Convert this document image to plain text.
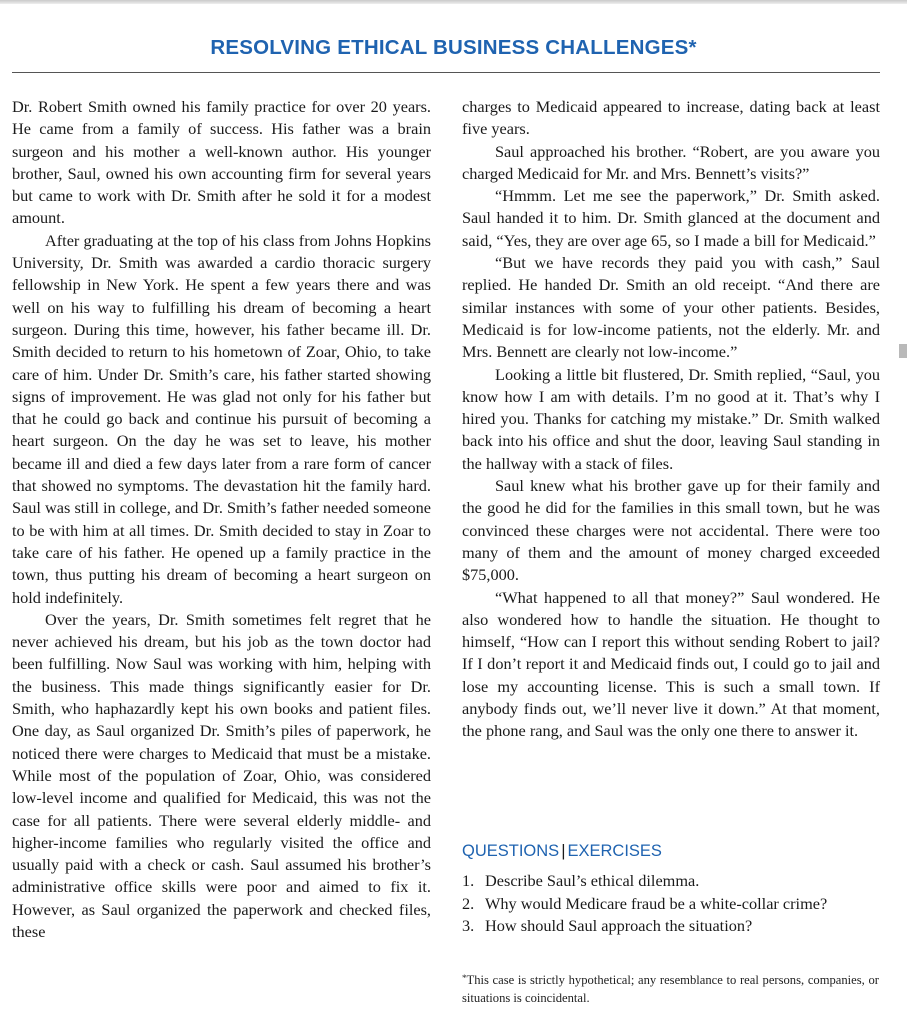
RESOLVING ETHICAL BUSINESS CHALLENGES*

Dr. Robert Smith owned his family practice for over 20 years. He came from a family of success. His father was a brain surgeon and his mother a well-known author. His younger brother, Saul, owned his own accounting firm for several years but came to work with Dr. Smith after he sold it for a modest amount.

After graduating at the top of his class from Johns Hopkins University, Dr. Smith was awarded a cardio thoracic surgery fellowship in New York. He spent a few years there and was well on his way to fulfilling his dream of becoming a heart surgeon. During this time, however, his father became ill. Dr. Smith decided to return to his hometown of Zoar, Ohio, to take care of him. Under Dr. Smith’s care, his father started showing signs of improvement. He was glad not only for his father but that he could go back and continue his pursuit of becoming a heart surgeon. On the day he was set to leave, his mother became ill and died a few days later from a rare form of cancer that showed no symptoms. The devastation hit the family hard. Saul was still in college, and Dr. Smith’s father needed someone to be with him at all times. Dr. Smith decided to stay in Zoar to take care of his father. He opened up a family practice in the town, thus putting his dream of becoming a heart surgeon on hold indefinitely.

Over the years, Dr. Smith sometimes felt regret that he never achieved his dream, but his job as the town doctor had been fulfilling. Now Saul was working with him, helping with the business. This made things significantly easier for Dr. Smith, who haphazardly kept his own books and patient files. One day, as Saul organized Dr. Smith’s piles of paperwork, he noticed there were charges to Medicaid that must be a mistake. While most of the population of Zoar, Ohio, was considered low-level income and qualified for Medicaid, this was not the case for all patients. There were several elderly middle- and higher-income families who regularly visited the office and usually paid with a check or cash. Saul assumed his brother’s administrative office skills were poor and aimed to fix it. However, as Saul organized the paperwork and checked files, these

charges to Medicaid appeared to increase, dating back at least five years.

Saul approached his brother. “Robert, are you aware you charged Medicaid for Mr. and Mrs. Bennett’s visits?”

“Hmmm. Let me see the paperwork,” Dr. Smith asked. Saul handed it to him. Dr. Smith glanced at the document and said, “Yes, they are over age 65, so I made a bill for Medicaid.”

“But we have records they paid you with cash,” Saul replied. He handed Dr. Smith an old receipt. “And there are similar instances with some of your other patients. Besides, Medicaid is for low-income patients, not the elderly. Mr. and Mrs. Bennett are clearly not low-income.”

Looking a little bit flustered, Dr. Smith replied, “Saul, you know how I am with details. I’m no good at it. That’s why I hired you. Thanks for catching my mistake.” Dr. Smith walked back into his office and shut the door, leaving Saul standing in the hallway with a stack of files.

Saul knew what his brother gave up for their family and the good he did for the families in this small town, but he was convinced these charges were not accidental. There were too many of them and the amount of money charged exceeded $75,000.

“What happened to all that money?” Saul wondered. He also wondered how to handle the situation. He thought to himself, “How can I report this without sending Robert to jail? If I don’t report it and Medicaid finds out, I could go to jail and lose my accounting license. This is such a small town. If anybody finds out, we’ll never live it down.” At that moment, the phone rang, and Saul was the only one there to answer it.

QUESTIONS | EXERCISES
1. Describe Saul’s ethical dilemma.
2. Why would Medicare fraud be a white-collar crime?
3. How should Saul approach the situation?
*This case is strictly hypothetical; any resemblance to real persons, companies, or situations is coincidental.
